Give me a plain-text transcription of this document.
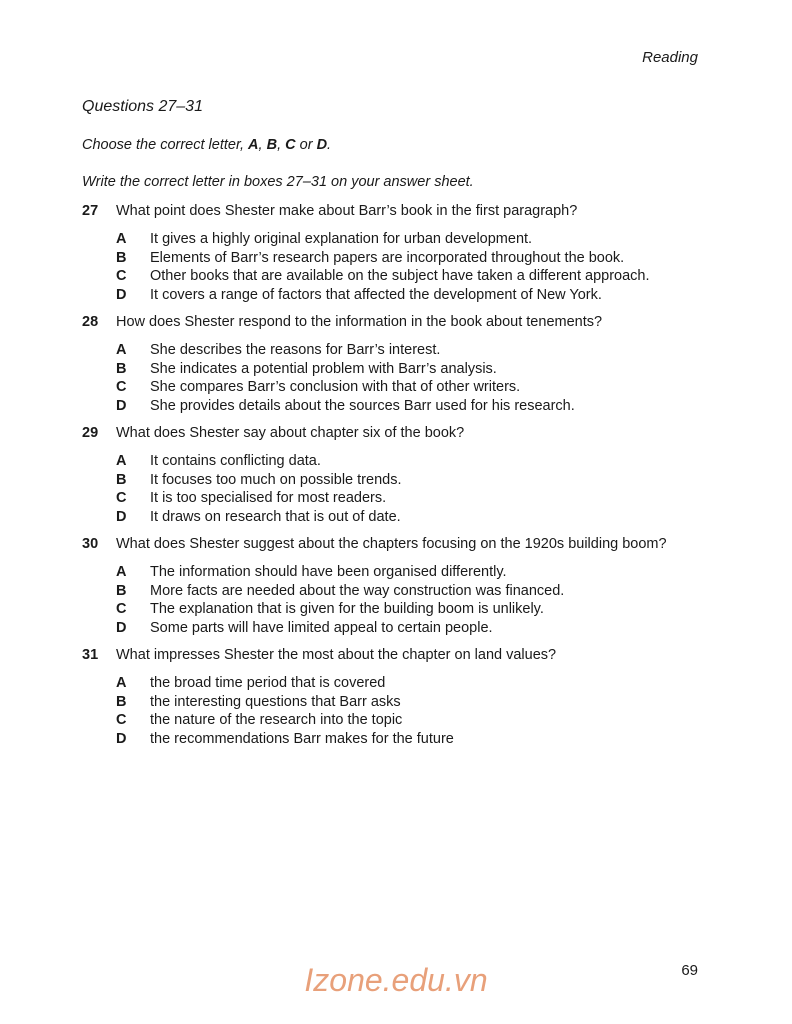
Reading
Questions 27–31
Choose the correct letter, A, B, C or D.
Write the correct letter in boxes 27–31 on your answer sheet.
27	What point does Shester make about Barr’s book in the first paragraph?
A	It gives a highly original explanation for urban development.
B	Elements of Barr’s research papers are incorporated throughout the book.
C	Other books that are available on the subject have taken a different approach.
D	It covers a range of factors that affected the development of New York.
28	How does Shester respond to the information in the book about tenements?
A	She describes the reasons for Barr’s interest.
B	She indicates a potential problem with Barr’s analysis.
C	She compares Barr’s conclusion with that of other writers.
D	She provides details about the sources Barr used for his research.
29	What does Shester say about chapter six of the book?
A	It contains conflicting data.
B	It focuses too much on possible trends.
C	It is too specialised for most readers.
D	It draws on research that is out of date.
30	What does Shester suggest about the chapters focusing on the 1920s building boom?
A	The information should have been organised differently.
B	More facts are needed about the way construction was financed.
C	The explanation that is given for the building boom is unlikely.
D	Some parts will have limited appeal to certain people.
31	What impresses Shester the most about the chapter on land values?
A	the broad time period that is covered
B	the interesting questions that Barr asks
C	the nature of the research into the topic
D	the recommendations Barr makes for the future
Izone.edu.vn	69
